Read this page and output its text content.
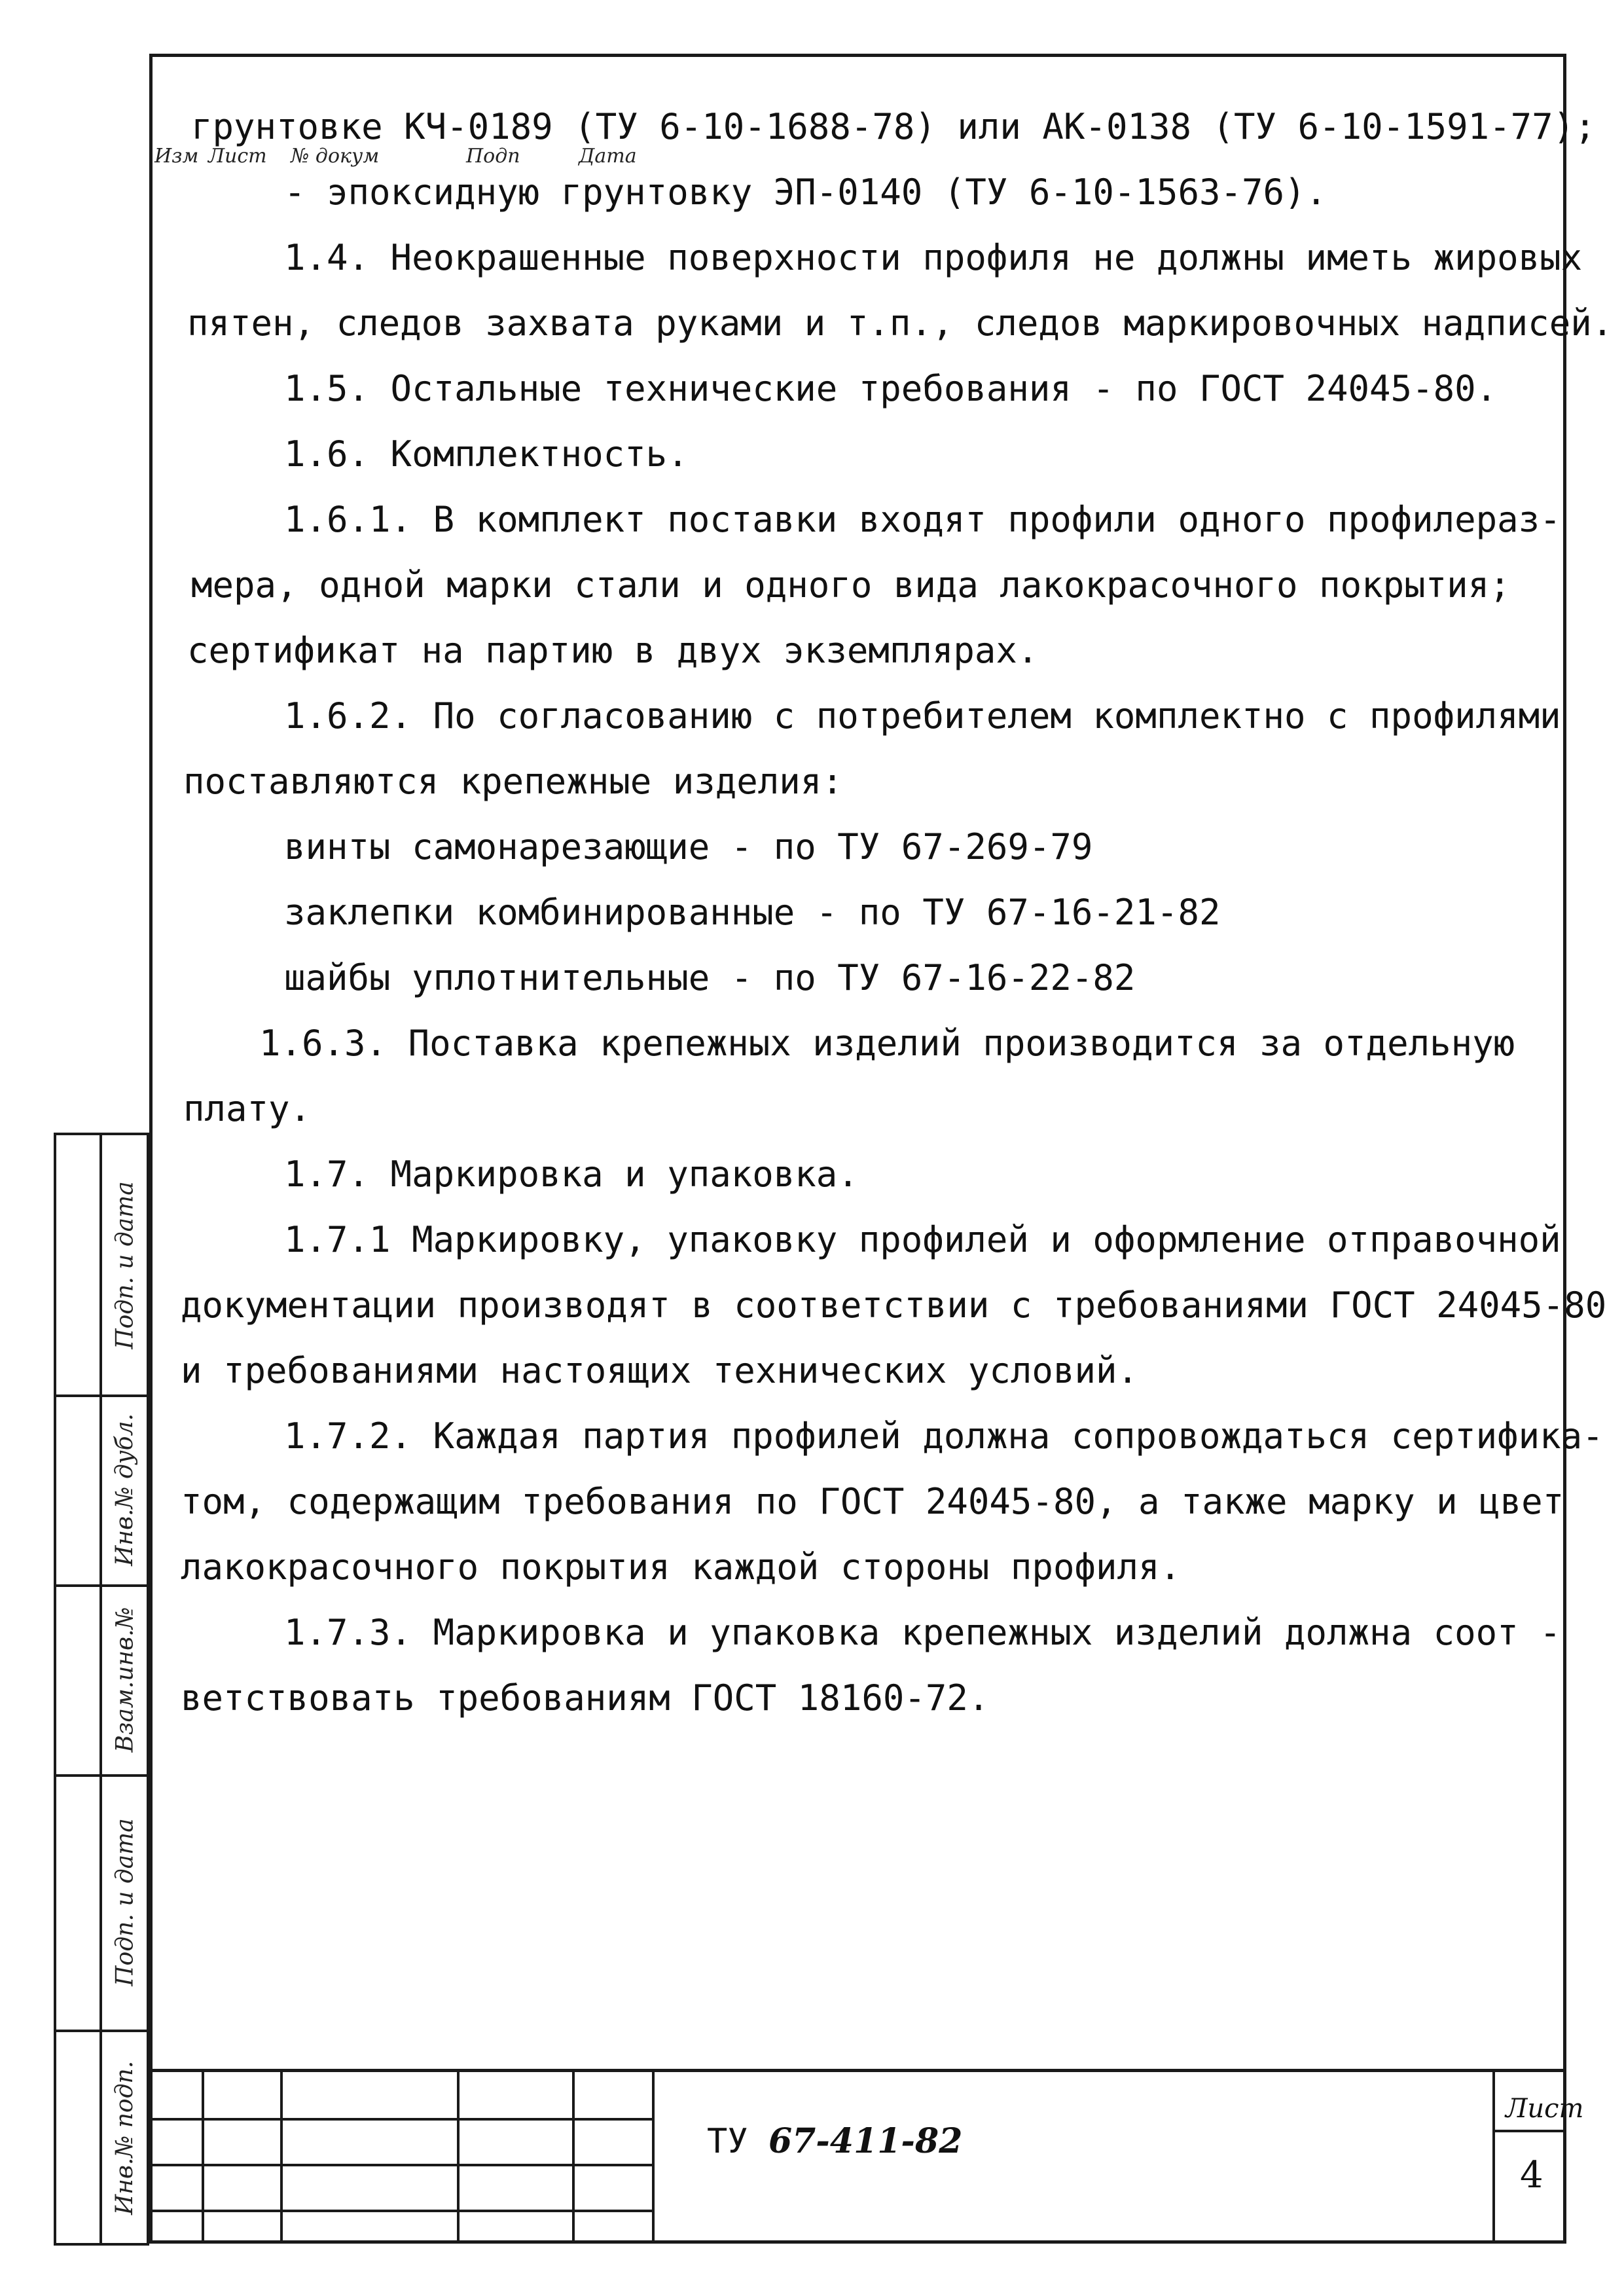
грунтовке КЧ-0189 (ТУ 6-10-1688-78) или АК-0138 (ТУ 6-10-1591-77);
- эпоксидную грунтовку ЭП-0140 (ТУ 6-10-1563-76).
1.4. Неокрашенные поверхности профиля не должны иметь жировых
пятен, следов захвата руками и т.п., следов маркировочных надписей.
1.5. Остальные технические требования - по ГОСТ 24045-80.
1.6. Комплектность.
1.6.1. В комплект поставки входят профили одного профилераз-
мера, одной марки стали и одного вида лакокрасочного покрытия;
сертификат на партию в двух экземплярах.
1.6.2. По согласованию с потребителем комплектно с профилями
поставляются крепежные изделия:
винты самонарезающие - по ТУ 67-269-79
заклепки комбинированные - по ТУ 67-16-21-82
шайбы уплотнительные - по ТУ 67-16-22-82
1.6.3. Поставка крепежных изделий производится за отдельную
плату.
1.7. Маркировка и упаковка.
1.7.1 Маркировку, упаковку профилей и оформление отправочной
документации производят в соответствии с требованиями ГОСТ 24045-80
и требованиями настоящих технических условий.
1.7.2. Каждая партия профилей должна сопровождаться сертифика-
том, содержащим требования по ГОСТ 24045-80, а также марку и цвет
лакокрасочного покрытия каждой стороны профиля.
1.7.3. Маркировка и упаковка крепежных изделий должна соот -
ветствовать требованиям ГОСТ 18160-72.
Подп. и дата
Инв.№ дубл.
Взам.инв.№
Подп. и дата
Инв.№ подп.
Изм Лист № докум	Подп	Дата
ТУ 67-411-82
Лист
4
